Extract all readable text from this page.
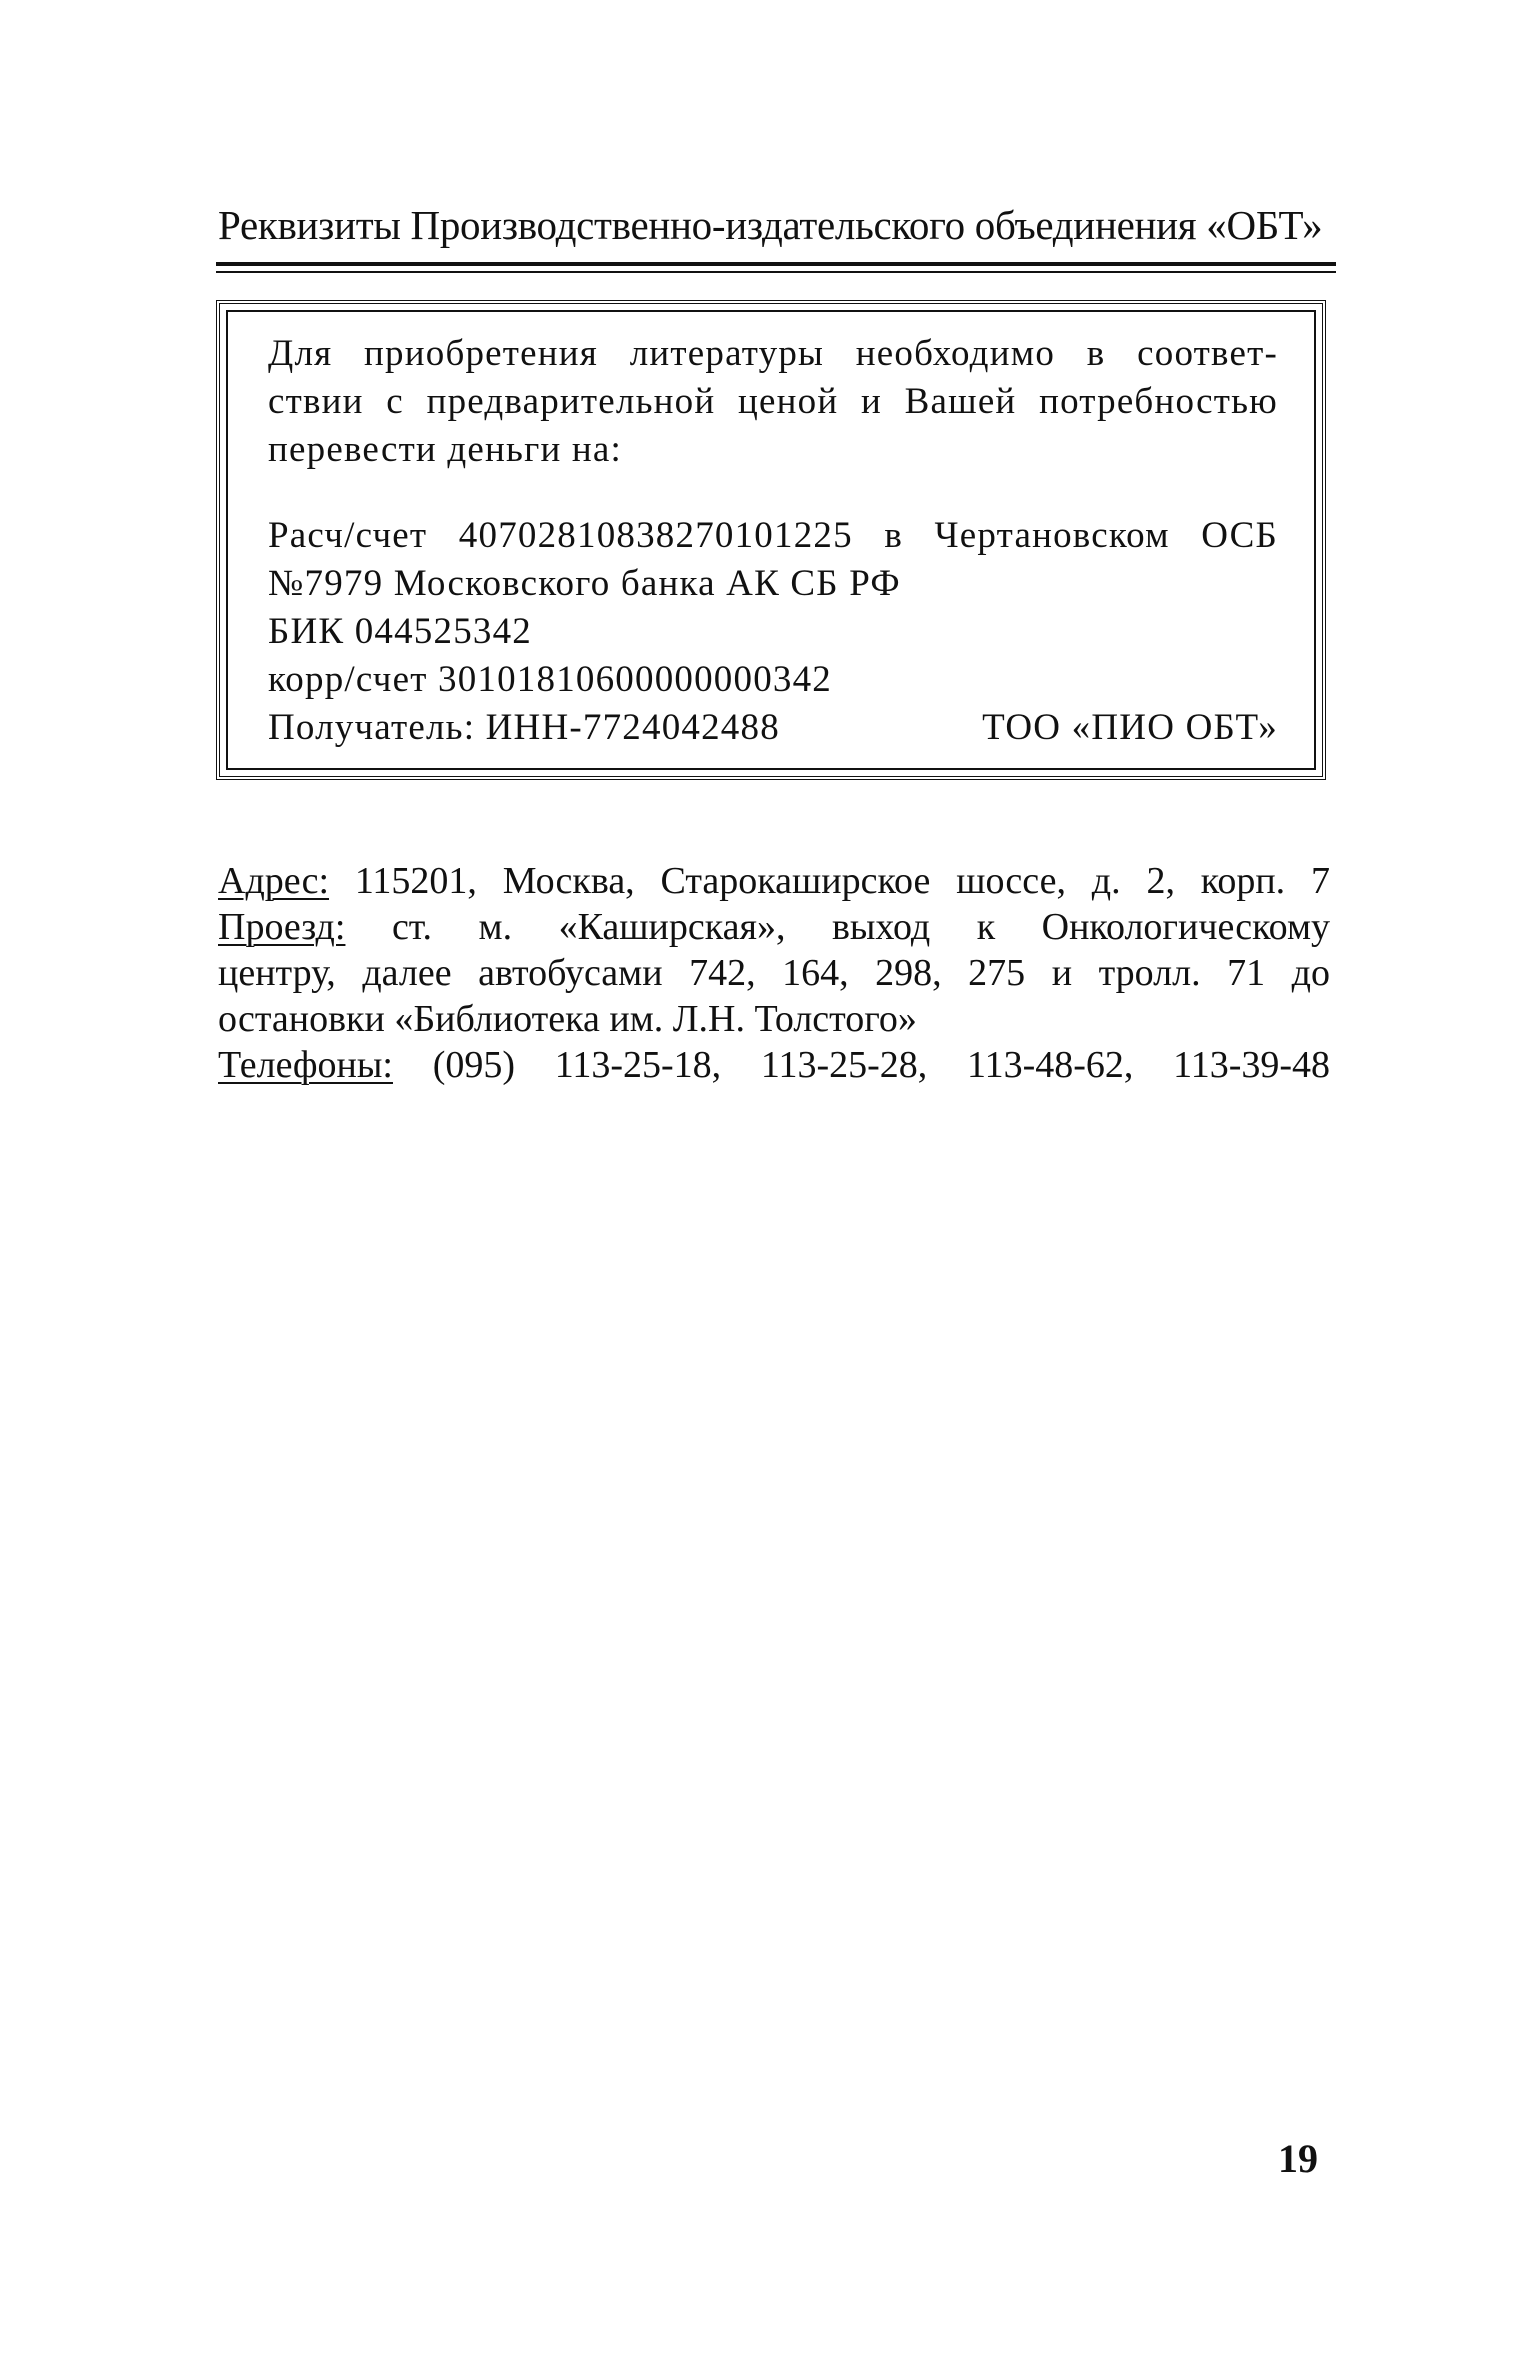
Реквизиты Производственно-издательского объединения «ОБТ»
Для приобретения литературы необходимо в соответ-
ствии с предварительной ценой и Вашей потребностью
перевести деньги на:
Расч/счет 40702810838270101225 в Чертановском ОСБ
№7979 Московского банка АК СБ РФ
БИК 044525342
корр/счет 30101810600000000342
Получатель: ИНН-7724042488	ТОО «ПИО ОБТ»
Адрес: 115201, Москва, Старокаширское шоссе, д. 2, корп. 7
Проезд: ст. м. «Каширская», выход к Онкологическому
центру, далее автобусами 742, 164, 298, 275 и тролл. 71 до
остановки «Библиотека им. Л.Н. Толстого»
Телефоны: (095) 113-25-18, 113-25-28, 113-48-62, 113-39-48
19
